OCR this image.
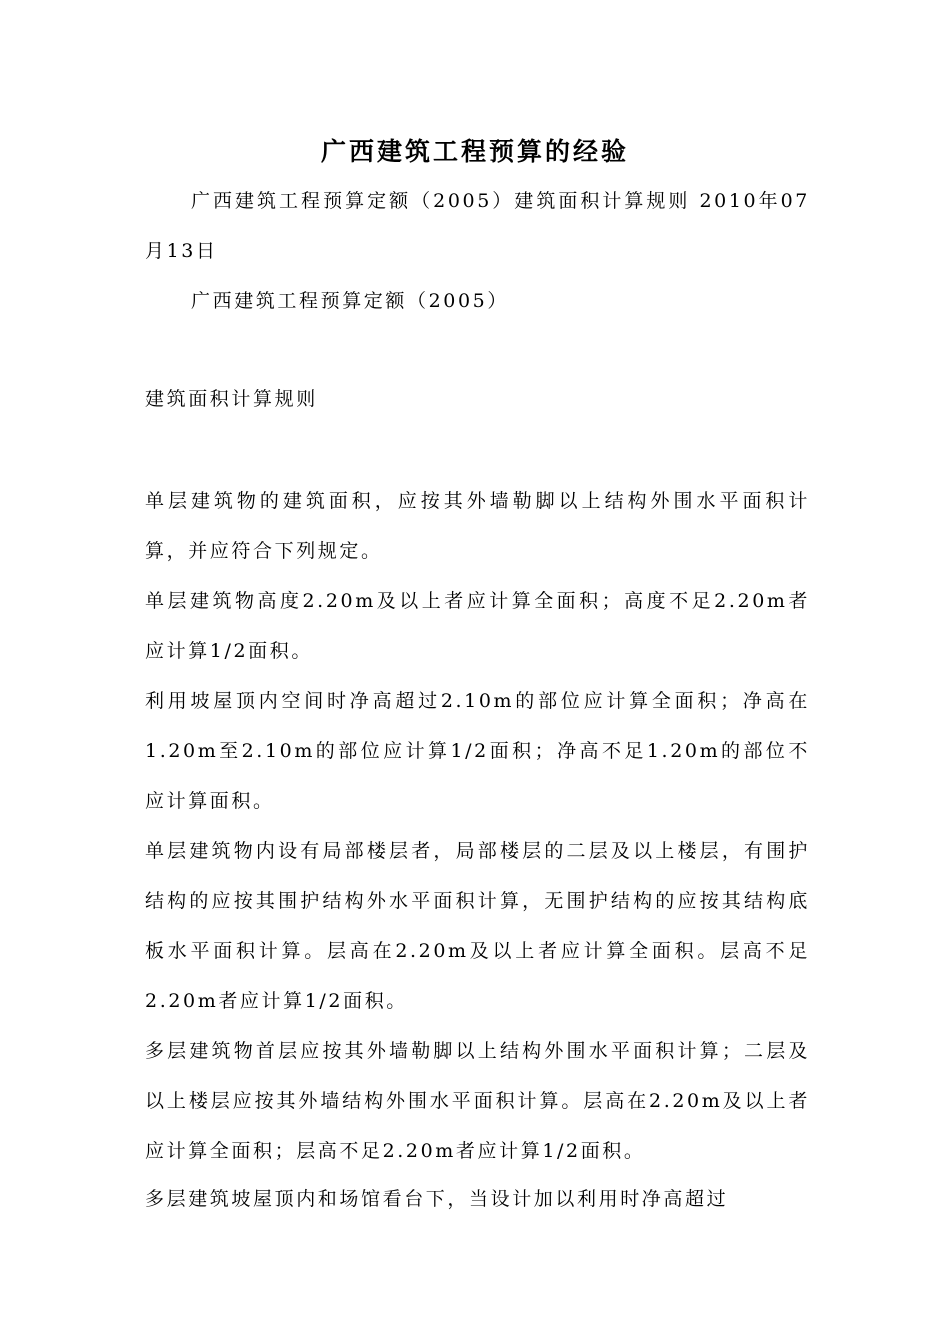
广西建筑工程预算的经验

广西建筑工程预算定额（2005）建筑面积计算规则 2010年07月13日

广西建筑工程预算定额（2005）

建筑面积计算规则

单层建筑物的建筑面积，应按其外墙勒脚以上结构外围水平面积计算，并应符合下列规定。

单层建筑物高度2.20m及以上者应计算全面积；高度不足2.20m者应计算1/2面积。

利用坡屋顶内空间时净高超过2.10m的部位应计算全面积；净高在1.20m至2.10m的部位应计算1/2面积；净高不足1.20m的部位不应计算面积。

单层建筑物内设有局部楼层者，局部楼层的二层及以上楼层，有围护结构的应按其围护结构外水平面积计算，无围护结构的应按其结构底板水平面积计算。层高在2.20m及以上者应计算全面积。层高不足2.20m者应计算1/2面积。

多层建筑物首层应按其外墙勒脚以上结构外围水平面积计算；二层及以上楼层应按其外墙结构外围水平面积计算。层高在2.20m及以上者应计算全面积；层高不足2.20m者应计算1/2面积。

多层建筑坡屋顶内和场馆看台下，当设计加以利用时净高超过
